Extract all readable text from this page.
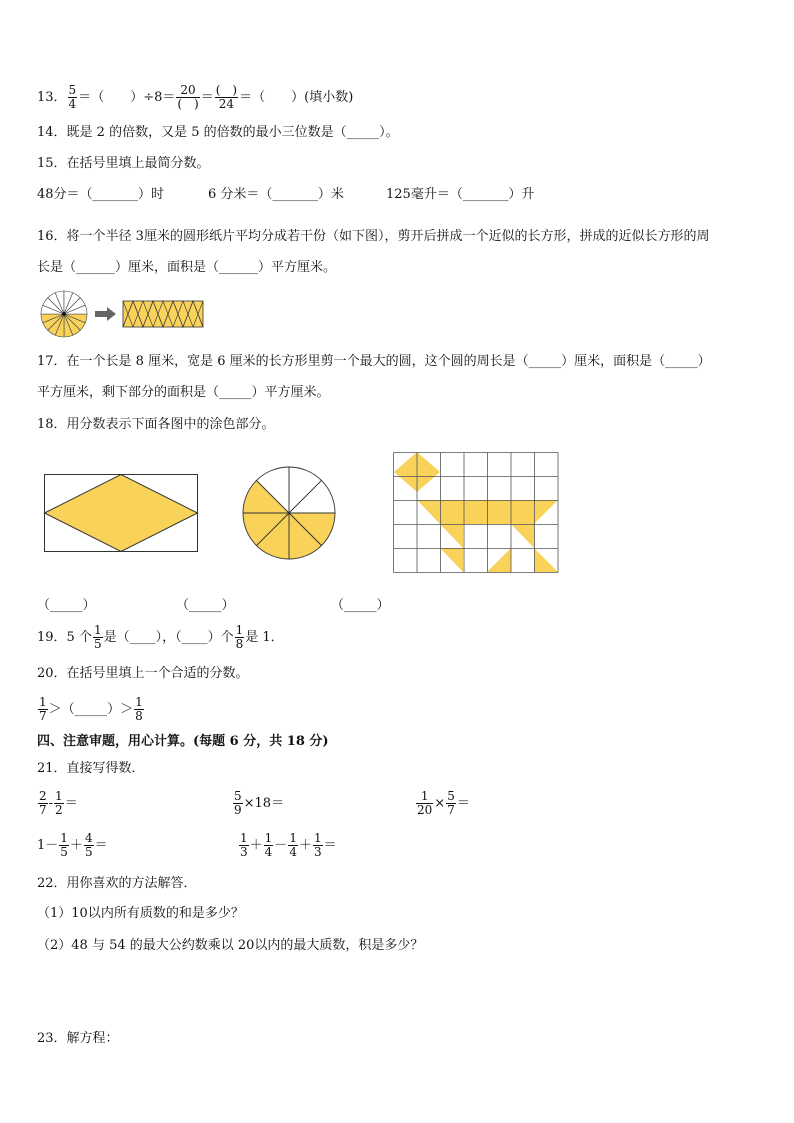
13． $\frac{5}{4}$ ＝（　　）$\div 8= \frac{20}{( )} = \frac{( )}{24}$ ＝（　　）(填小数)
14．既是 2 的倍数，又是 5 的倍数的最小三位数是（_____）。
15．在括号里填上最简分数。
48分＝（_______）时	6 分米＝（_______）米	125毫升＝（_______）升
16．将一个半径 3厘米的圆形纸片平均分成若干份（如下图），剪开后拼成一个近似的长方形，拼成的近似长方形的周
长是（______）厘米，面积是（______）平方厘米。
17．在一个长是 8 厘米，宽是 6 厘米的长方形里剪一个最大的圆，这个圆的周长是（_____）厘米，面积是（_____）
平方厘米，剩下部分的面积是（_____）平方厘米。
18．用分数表示下面各图中的涂色部分。
（_____）	（_____）	（_____）
19．5 个 $\frac{1}{5}$ 是（____），（____）个 $\frac{1}{8}$ 是 1．
20．在括号里填上一个合适的分数。
$\frac{1}{7}$ ＞（_____）＞ $\frac{1}{8}$
四、注意审题，用心计算。(每题 6 分，共 18 分)
21．直接写得数．
$\frac{2}{7} - \frac{1}{2}$ ＝	$\frac{5}{9} \times 18=$	$\frac{1}{20} \times \frac{5}{7}$ ＝
$1- \frac{1}{5} + \frac{4}{5}$ ＝	$\frac{1}{3} + \frac{1}{4} - \frac{1}{4} + \frac{1}{3}$ ＝
22．用你喜欢的方法解答．
（1）10以内所有质数的和是多少？
（2）48 与 54 的最大公约数乘以 20以内的最大质数，积是多少？
23．解方程：
